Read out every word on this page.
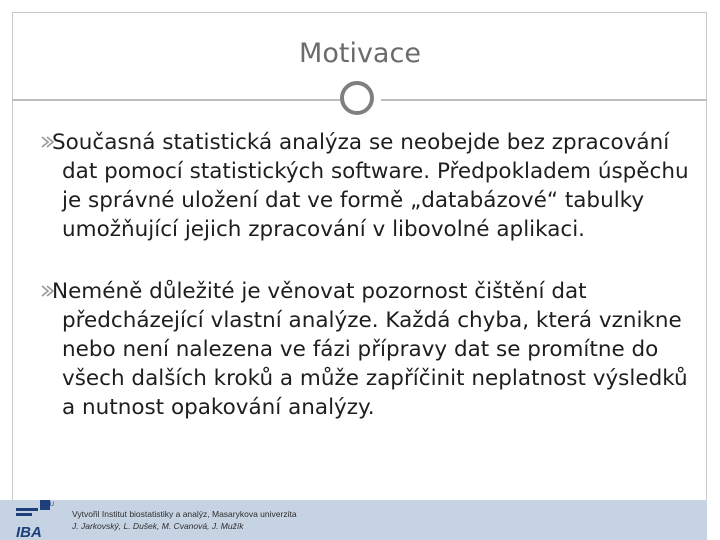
Motivace
Současná statistická analýza se neobejde bez zpracování dat pomocí statistických software. Předpokladem úspěchu je správné uložení dat ve formě „databázové“ tabulky umožňující jejich zpracování v libovolné aplikaci.
Neméně důležité je věnovat pozornost čištění dat předcházející vlastní analýze. Každá chyba, která vznikne nebo není nalezena ve fázi přípravy dat se promítne do všech dalších kroků a může zapříčinit neplatnost výsledků a nutnost opakování analýzy.
MU
IBA
Vytvořil Institut biostatistiky a analýz, Masarykova univerzita
J. Jarkovský, L. Dušek, M. Cvanová, J. Mužík
